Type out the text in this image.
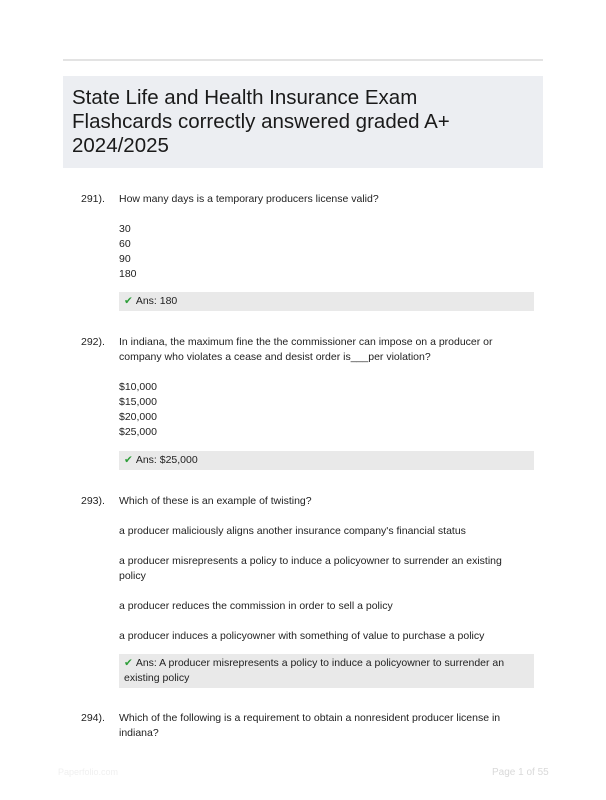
State Life and Health Insurance Exam
Flashcards correctly answered graded A+
2024/2025
291).	How many days is a temporary producers license valid?

30
60
90
180
✔ Ans: 180
292).	In indiana, the maximum fine the the commissioner can impose on a producer or company who violates a cease and desist order is___per violation?

$10,000
$15,000
$20,000
$25,000
✔ Ans: $25,000
293).	Which of these is an example of twisting?

a producer maliciously aligns another insurance company's financial status
a producer misrepresents a policy to induce a policyowner to surrender an existing policy
a producer reduces the commission in order to sell a policy
a producer induces a policyowner with something of value to purchase a policy
✔ Ans: A producer misrepresents a policy to induce a policyowner to surrender an existing policy
294).	Which of the following is a requirement to obtain a nonresident producer license in indiana?

Paperfolio.com	Page 1 of 55
